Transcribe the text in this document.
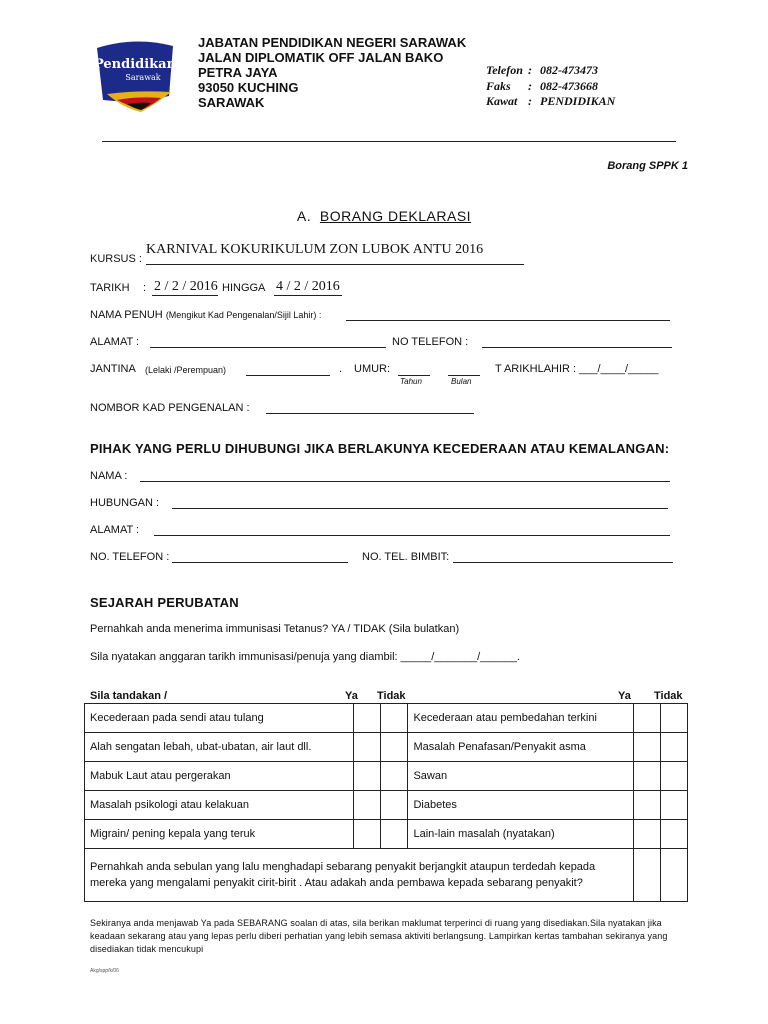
Pendidikan
Sarawak
JABATAN PENDIDIKAN NEGERI SARAWAK
JALAN DIPLOMATIK OFF JALAN BAKO
PETRA JAYA
93050 KUCHING
SARAWAK
Telefon : 082-473473
Faks : 082-473668
Kawat : PENDIDIKAN
Borang SPPK 1
A. BORANG DEKLARASI
KURSUS :
KARNIVAL KOKURIKULUM ZON LUBOK ANTU 2016
TARIKH : 2 / 2 / 2016 HINGGA 4 / 2 / 2016
NAMA PENUH (Mengikut Kad Pengenalan/Sijil Lahir) :
ALAMAT :	NO TELEFON :
JANTINA (Lelaki /Perempuan)	. UMUR:
Tahun	Bulan
T ARIKHLAHIR : ___/____/_____
NOMBOR KAD PENGENALAN :
PIHAK YANG PERLU DIHUBUNGI JIKA BERLAKUNYA KECEDERAAN ATAU KEMALANGAN:
NAMA :
HUBUNGAN :
ALAMAT :
NO. TELEFON :	NO. TEL. BIMBIT:
SEJARAH PERUBATAN
Pernahkah anda menerima immunisasi Tetanus? YA / TIDAK (Sila bulatkan)
Sila nyatakan anggaran tarikh immunisasi/penuja yang diambil: _____/_______/______.
Sila tandakan /	Ya Tidak	Ya Tidak
Kecederaan pada sendi atau tulang			Kecederaan atau pembedahan terkini		
Alah sengatan lebah, ubat-ubatan, air laut dll.			Masalah Penafasan/Penyakit asma		
Mabuk Laut atau pergerakan			Sawan		
Masalah psikologi atau kelakuan			Diabetes		
Migrain/ pening kepala yang teruk			Lain-lain masalah (nyatakan)		

Pernahkah anda sebulan yang lalu menghadapi sebarang penyakit berjangkit ataupun terdedah kepada
mereka yang mengalami penyakit cirit-birit . Atau adakah anda pembawa kepada sebarang penyakit?					

Sekiranya anda menjawab Ya pada SEBARANG soalan di atas, sila berikan maklumat terperinci di ruang yang disediakan.Sila nyatakan jika keadaan sekarang atau yang lepas perlu diberi perhatian yang lebih semasa aktiviti berlangsung. Lampirkan kertas tambahan sekiranya yang disediakan tidak mencukupi
Akg/spp/k/06
